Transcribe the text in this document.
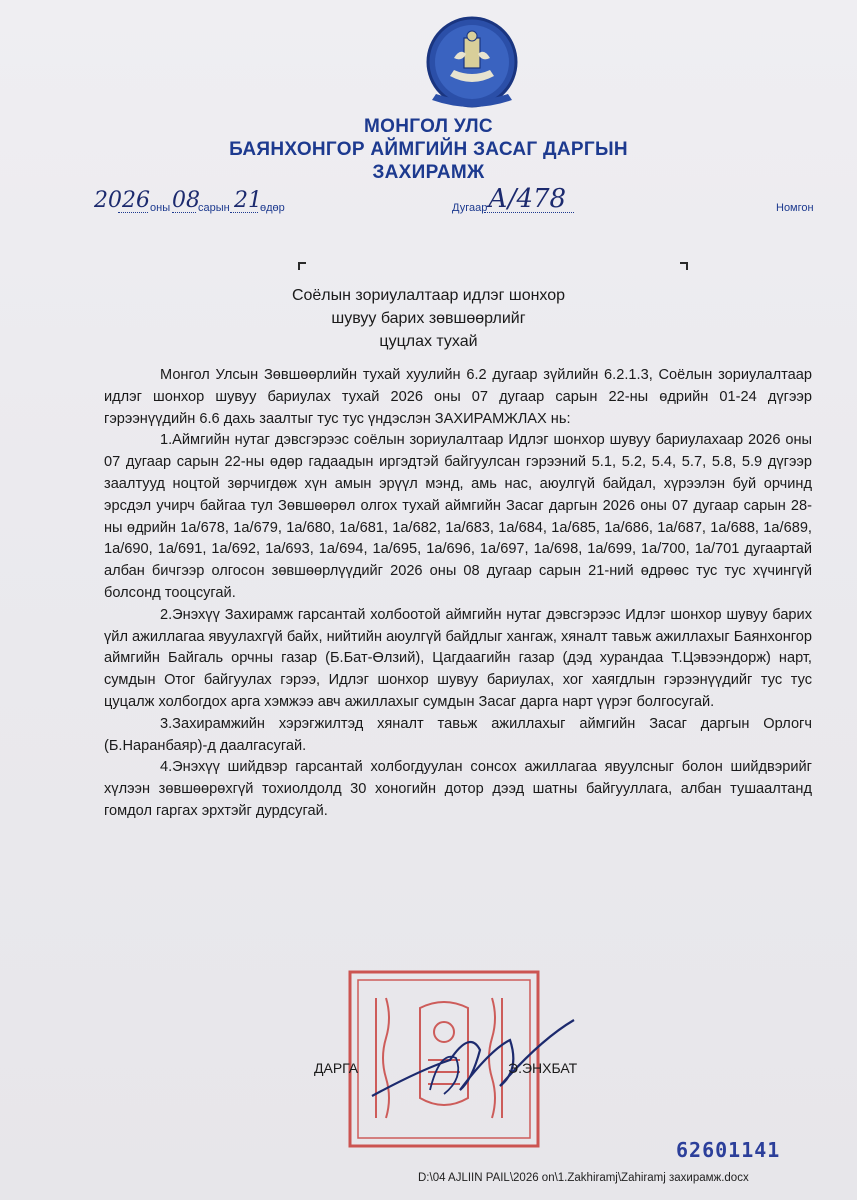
МОНГОЛ УЛС
БАЯНХОНГОР АЙМГИЙН ЗАСАГ ДАРГЫН
ЗАХИРАМЖ
2026 оны 08
сарын 21
өдөр	Дугаар А/478	Номгон
Соёлын зориулалтаар идлэг шонхор
шувуу барих зөвшөөрлийг
цуцлах тухай

Монгол Улсын Зөвшөөрлийн тухай хуулийн 6.2 дугаар зүйлийн 6.2.1.3, Соёлын зориулалтаар идлэг шонхор шувуу бариулах тухай 2026 оны 07 дугаар сарын 22-ны өдрийн 01-24 дүгээр гэрээнүүдийн 6.6 дахь заалтыг тус тус үндэслэн ЗАХИРАМЖЛАХ нь:

1.Аймгийн нутаг дэвсгэрээс соёлын зориулалтаар Идлэг шонхор шувуу бариулахаар 2026 оны 07 дугаар сарын 22-ны өдөр гадаадын иргэдтэй байгуулсан гэрээний 5.1, 5.2, 5.4, 5.7, 5.8, 5.9 дүгээр заалтууд ноцтой зөрчигдөж хүн амын эрүүл мэнд, амь нас, аюулгүй байдал, хүрээлэн буй орчинд эрсдэл учирч байгаа тул Зөвшөөрөл олгох тухай аймгийн Засаг даргын 2026 оны 07 дугаар сарын 28-ны өдрийн 1а/678, 1а/679, 1а/680, 1а/681, 1а/682, 1а/683, 1а/684, 1а/685, 1а/686, 1а/687, 1а/688, 1а/689, 1а/690, 1а/691, 1а/692, 1а/693, 1а/694, 1а/695, 1а/696, 1а/697, 1а/698, 1а/699, 1а/700, 1а/701 дугаартай албан бичгээр олгосон зөвшөөрлүүдийг 2026 оны 08 дугаар сарын 21-ний өдрөөс тус тус хүчингүй болсонд тооцсугай.

2.Энэхүү Захирамж гарсантай холбоотой аймгийн нутаг дэвсгэрээс Идлэг шонхор шувуу барих үйл ажиллагаа явуулахгүй байх, нийтийн аюулгүй байдлыг хангаж, хяналт тавьж ажиллахыг Баянхонгор аймгийн Байгаль орчны газар (Б.Бат-Өлзий), Цагдаагийн газар (дэд хурандаа Т.Цэвээндорж) нарт, сумдын Отог байгуулах гэрээ, Идлэг шонхор шувуу бариулах, хог хаягдлын гэрээнүүдийг тус тус цуцалж холбогдох арга хэмжээ авч ажиллахыг сумдын Засаг дарга нарт үүрэг болгосугай.

3.Захирамжийн хэрэгжилтэд хяналт тавьж ажиллахыг аймгийн Засаг даргын Орлогч (Б.Наранбаяр)-д даалгасугай.

4.Энэхүү шийдвэр гарсантай холбогдуулан сонсох ажиллагаа явуулсныг болон шийдвэрийг хүлээн зөвшөөрөхгүй тохиолдолд 30 хоногийн дотор дээд шатны байгууллага, албан тушаалтанд гомдол гаргах эрхтэйг дурдсугай.

ДАРГА	Э.ЭНХБАТ
62601141
D:\04 AJLIIN PAIL\2026 on\1.Zakhiramj\Zahiramj захирамж.docx
